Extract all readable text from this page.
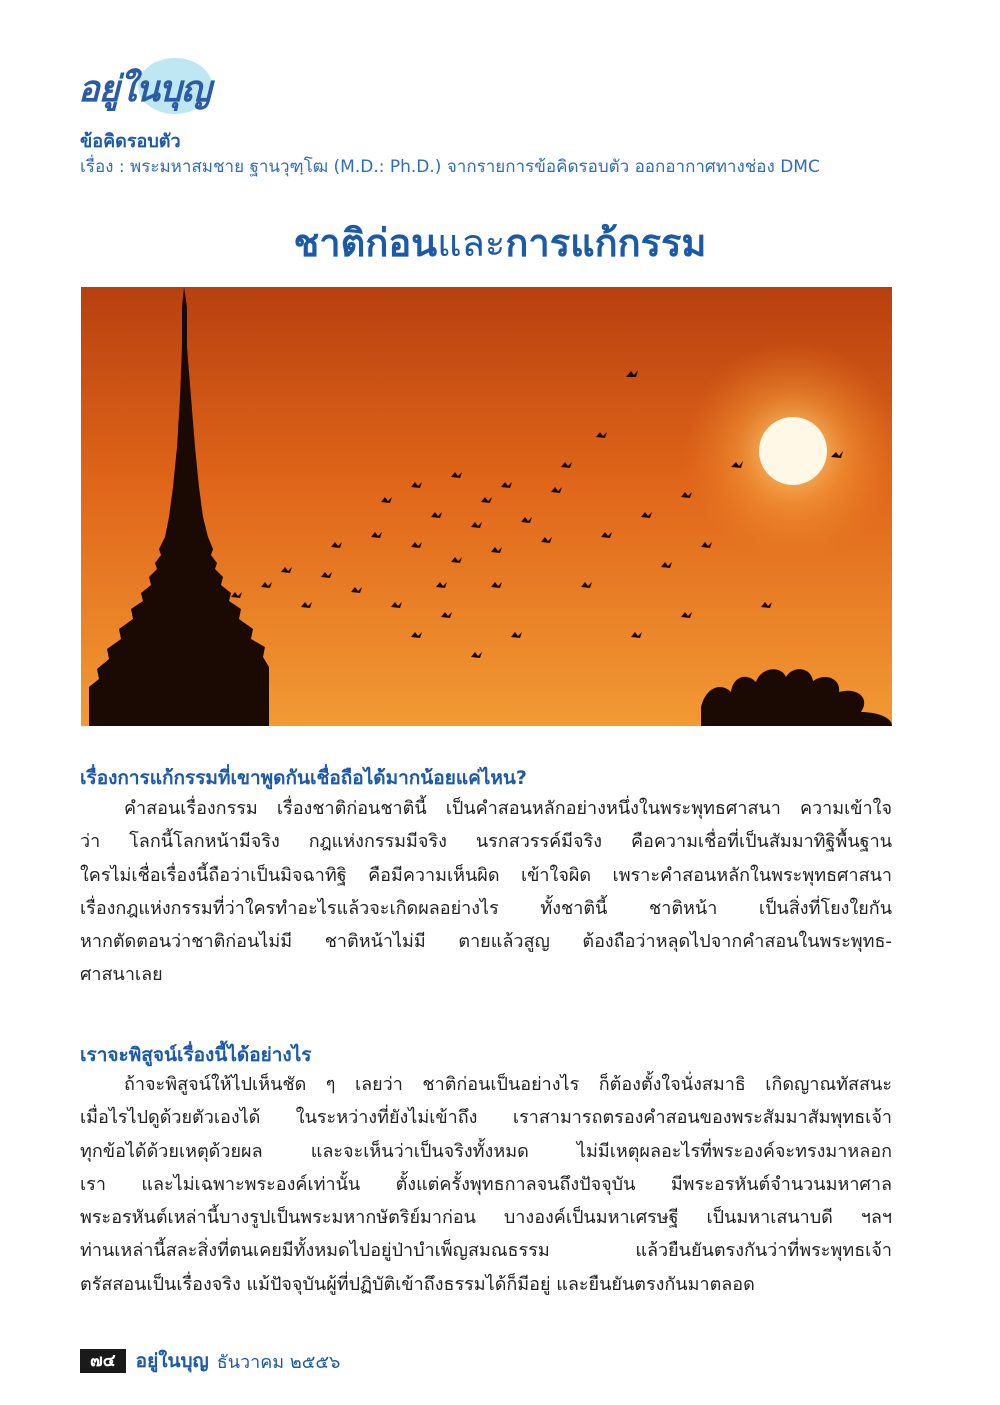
อยู่ในบุญ
ข้อคิดรอบตัว
เรื่อง : พระมหาสมชาย ฐานวุฑฺโฒ (M.D.: Ph.D.) จากรายการข้อคิดรอบตัว ออกอากาศทางช่อง DMC
ชาติก่อนและการแก้กรรม
เรื่องการแก้กรรมที่เขาพูดกันเชื่อถือได้มากน้อยแค่ไหน?
คำสอนเรื่องกรรม เรื่องชาติก่อนชาตินี้ เป็นคำสอนหลักอย่างหนึ่งในพระพุทธศาสนา ความเข้าใจ
ว่า โลกนี้โลกหน้ามีจริง กฎแห่งกรรมมีจริง นรกสวรรค์มีจริง คือความเชื่อที่เป็นสัมมาทิฐิพื้นฐาน
ใครไม่เชื่อเรื่องนี้ถือว่าเป็นมิจฉาทิฐิ คือมีความเห็นผิด เข้าใจผิด เพราะคำสอนหลักในพระพุทธศาสนา
เรื่องกฎแห่งกรรมที่ว่าใครทำอะไรแล้วจะเกิดผลอย่างไร ทั้งชาตินี้ ชาติหน้า เป็นสิ่งที่โยงใยกัน
หากตัดตอนว่าชาติก่อนไม่มี ชาติหน้าไม่มี ตายแล้วสูญ ต้องถือว่าหลุดไปจากคำสอนในพระพุทธ-
ศาสนาเลย
เราจะพิสูจน์เรื่องนี้ได้อย่างไร
ถ้าจะพิสูจน์ให้ไปเห็นชัด ๆ เลยว่า ชาติก่อนเป็นอย่างไร ก็ต้องตั้งใจนั่งสมาธิ เกิดญาณทัสสนะ
เมื่อไรไปดูด้วยตัวเองได้ ในระหว่างที่ยังไม่เข้าถึง เราสามารถตรองคำสอนของพระสัมมาสัมพุทธเจ้า
ทุกข้อได้ด้วยเหตุด้วยผล และจะเห็นว่าเป็นจริงทั้งหมด ไม่มีเหตุผลอะไรที่พระองค์จะทรงมาหลอก
เรา และไม่เฉพาะพระองค์เท่านั้น ตั้งแต่ครั้งพุทธกาลจนถึงปัจจุบัน มีพระอรหันต์จำนวนมหาศาล
พระอรหันต์เหล่านี้บางรูปเป็นพระมหากษัตริย์มาก่อน บางองค์เป็นมหาเศรษฐี เป็นมหาเสนาบดี ฯลฯ
ท่านเหล่านี้สละสิ่งที่ตนเคยมีทั้งหมดไปอยู่ป่าบำเพ็ญสมณธรรม แล้วยืนยันตรงกันว่าที่พระพุทธเจ้า
ตรัสสอนเป็นเรื่องจริง แม้ปัจจุบันผู้ที่ปฏิบัติเข้าถึงธรรมได้ก็มีอยู่ และยืนยันตรงกันมาตลอด
๗๔	อยู่ในบุญ ธันวาคม ๒๕๕๖
